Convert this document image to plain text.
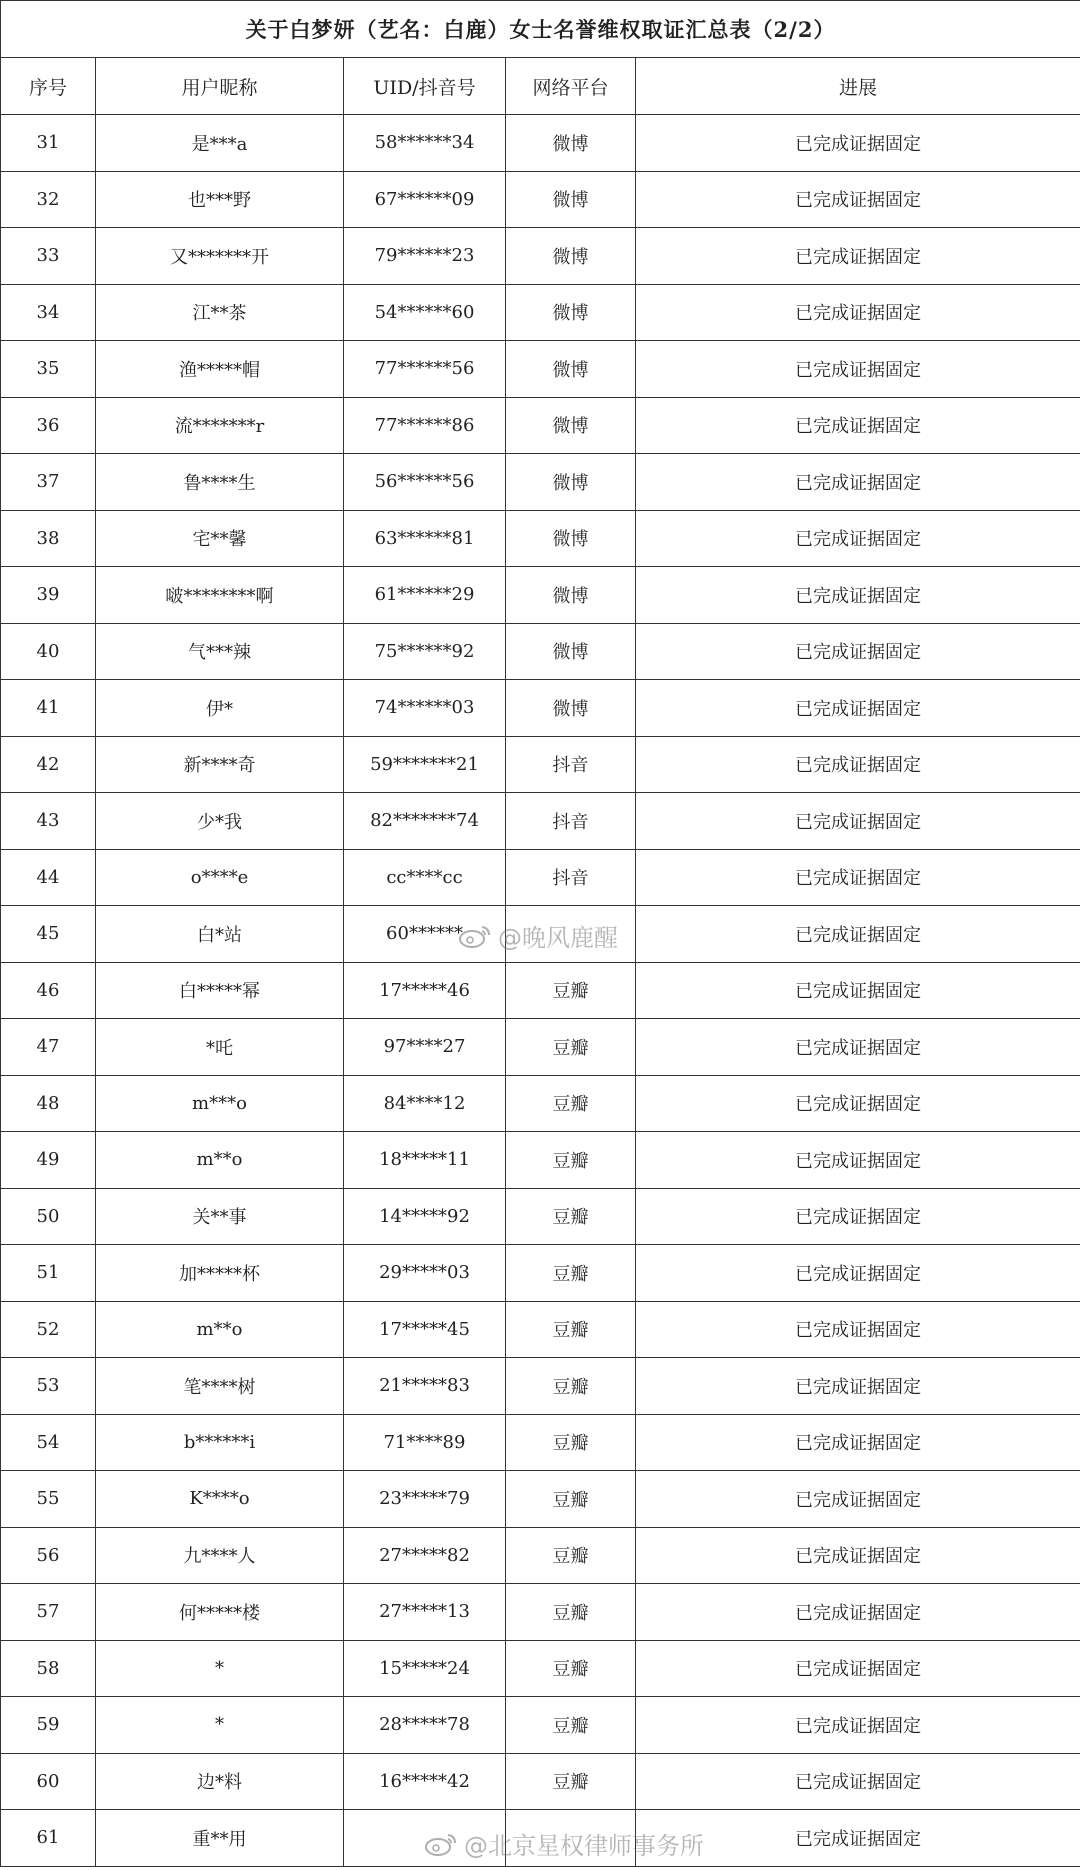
关于白梦妍（艺名：白鹿）女士名誉维权取证汇总表（2/2）				
序号	用户昵称	UID/抖音号	网络平台	进展
31	是***a	58******34	微博	已完成证据固定
32	也***野	67******09	微博	已完成证据固定
33	又*******开	79******23	微博	已完成证据固定
34	江**茶	54******60	微博	已完成证据固定
35	渔*****帽	77******56	微博	已完成证据固定
36	流*******r	77******86	微博	已完成证据固定
37	鲁****生	56******56	微博	已完成证据固定
38	宅**馨	63******81	微博	已完成证据固定
39	啵********啊	61******29	微博	已完成证据固定
40	气***辣	75******92	微博	已完成证据固定
41	伊*	74******03	微博	已完成证据固定
42	新****奇	59*******21	抖音	已完成证据固定
43	少*我	82*******74	抖音	已完成证据固定
44	o****e	cc****cc	抖音	已完成证据固定
45	白*站	60******		已完成证据固定
46	白*****幂	17*****46	豆瓣	已完成证据固定
47	*吒	97****27	豆瓣	已完成证据固定
48	m***o	84****12	豆瓣	已完成证据固定
49	m**o	18*****11	豆瓣	已完成证据固定
50	关**事	14*****92	豆瓣	已完成证据固定
51	加*****杯	29*****03	豆瓣	已完成证据固定
52	m**o	17*****45	豆瓣	已完成证据固定
53	笔****树	21*****83	豆瓣	已完成证据固定
54	b******i	71****89	豆瓣	已完成证据固定
55	K****o	23*****79	豆瓣	已完成证据固定
56	九****人	27*****82	豆瓣	已完成证据固定
57	何*****楼	27*****13	豆瓣	已完成证据固定
58	*	15*****24	豆瓣	已完成证据固定
59	*	28*****78	豆瓣	已完成证据固定
60	边*料	16*****42	豆瓣	已完成证据固定
61	重**用			已完成证据固定
@晚风鹿醒
@北京星权律师事务所
